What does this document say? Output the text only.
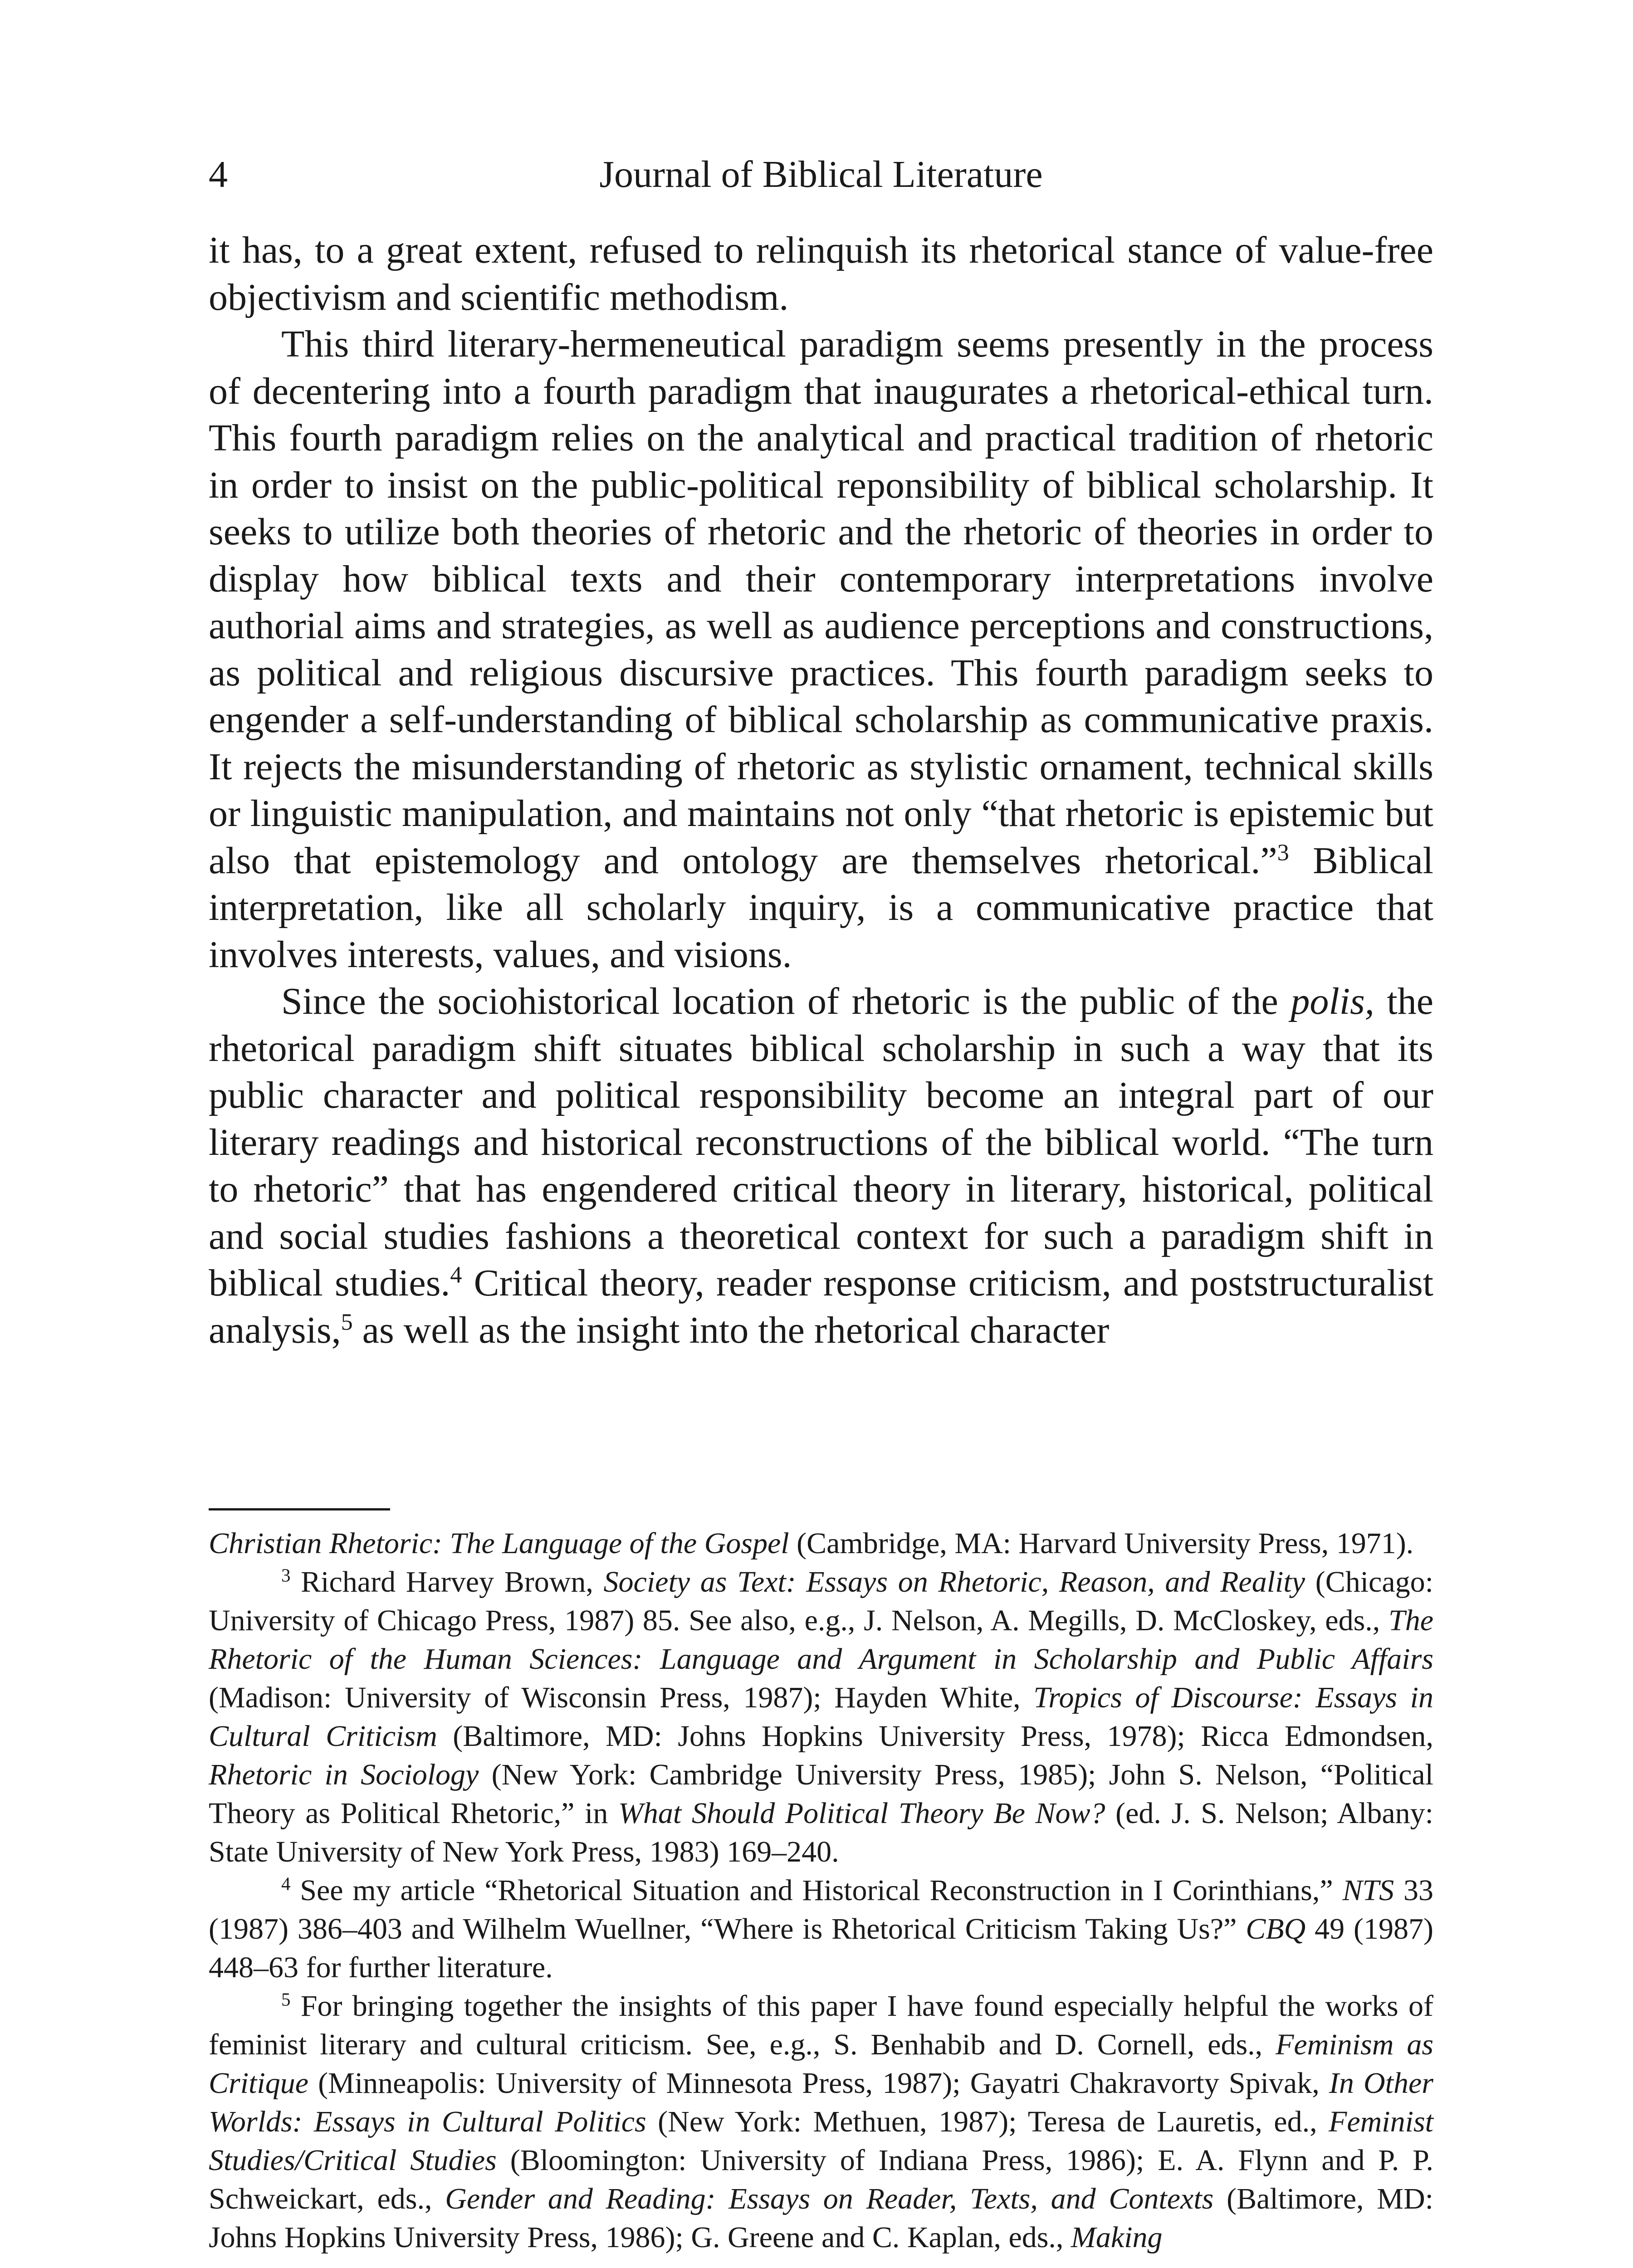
4	Journal of Biblical Literature

it has, to a great extent, refused to relinquish its rhetorical stance of value-free objectivism and scientific methodism.

This third literary-hermeneutical paradigm seems presently in the process of decentering into a fourth paradigm that inaugurates a rhetorical-ethical turn. This fourth paradigm relies on the analytical and practical tradition of rhetoric in order to insist on the public-political reponsibility of biblical scholarship. It seeks to utilize both theories of rhetoric and the rhetoric of theories in order to display how biblical texts and their contemporary interpretations involve authorial aims and strategies, as well as audience perceptions and constructions, as political and religious discursive practices. This fourth paradigm seeks to engender a self-understanding of biblical scholarship as communicative praxis. It rejects the misunderstanding of rhetoric as stylistic ornament, technical skills or linguistic manipulation, and maintains not only “that rhetoric is epistemic but also that epistemology and ontology are themselves rhetorical.”$^3$ Biblical interpretation, like all scholarly inquiry, is a communicative practice that involves interests, values, and visions.

Since the sociohistorical location of rhetoric is the public of the polis, the rhetorical paradigm shift situates biblical scholarship in such a way that its public character and political responsibility become an integral part of our literary readings and historical reconstructions of the biblical world. “The turn to rhetoric” that has engendered critical theory in literary, historical, political and social studies fashions a theoretical context for such a paradigm shift in biblical studies.$^4$ Critical theory, reader response criticism, and poststructuralist analysis,$^5$ as well as the insight into the rhetorical character

Christian Rhetoric: The Language of the Gospel (Cambridge, MA: Harvard University Press, 1971).

$^3$ Richard Harvey Brown, Society as Text: Essays on Rhetoric, Reason, and Reality (Chicago: University of Chicago Press, 1987) 85. See also, e.g., J. Nelson, A. Megills, D. McCloskey, eds., The Rhetoric of the Human Sciences: Language and Argument in Scholarship and Public Affairs (Madison: University of Wisconsin Press, 1987); Hayden White, Tropics of Discourse: Essays in Cultural Criticism (Baltimore, MD: Johns Hopkins University Press, 1978); Ricca Edmondsen, Rhetoric in Sociology (New York: Cambridge University Press, 1985); John S. Nelson, “Political Theory as Political Rhetoric,” in What Should Political Theory Be Now? (ed. J. S. Nelson; Albany: State University of New York Press, 1983) 169–240.

$^4$ See my article “Rhetorical Situation and Historical Reconstruction in I Corinthians,” NTS 33 (1987) 386–403 and Wilhelm Wuellner, “Where is Rhetorical Criticism Taking Us?” CBQ 49 (1987) 448–63 for further literature.

$^5$ For bringing together the insights of this paper I have found especially helpful the works of feminist literary and cultural criticism. See, e.g., S. Benhabib and D. Cornell, eds., Feminism as Critique (Minneapolis: University of Minnesota Press, 1987); Gayatri Chakravorty Spivak, In Other Worlds: Essays in Cultural Politics (New York: Methuen, 1987); Teresa de Lauretis, ed., Feminist Studies/Critical Studies (Bloomington: University of Indiana Press, 1986); E. A. Flynn and P. P. Schweickart, eds., Gender and Reading: Essays on Reader, Texts, and Contexts (Baltimore, MD: Johns Hopkins University Press, 1986); G. Greene and C. Kaplan, eds., Making
